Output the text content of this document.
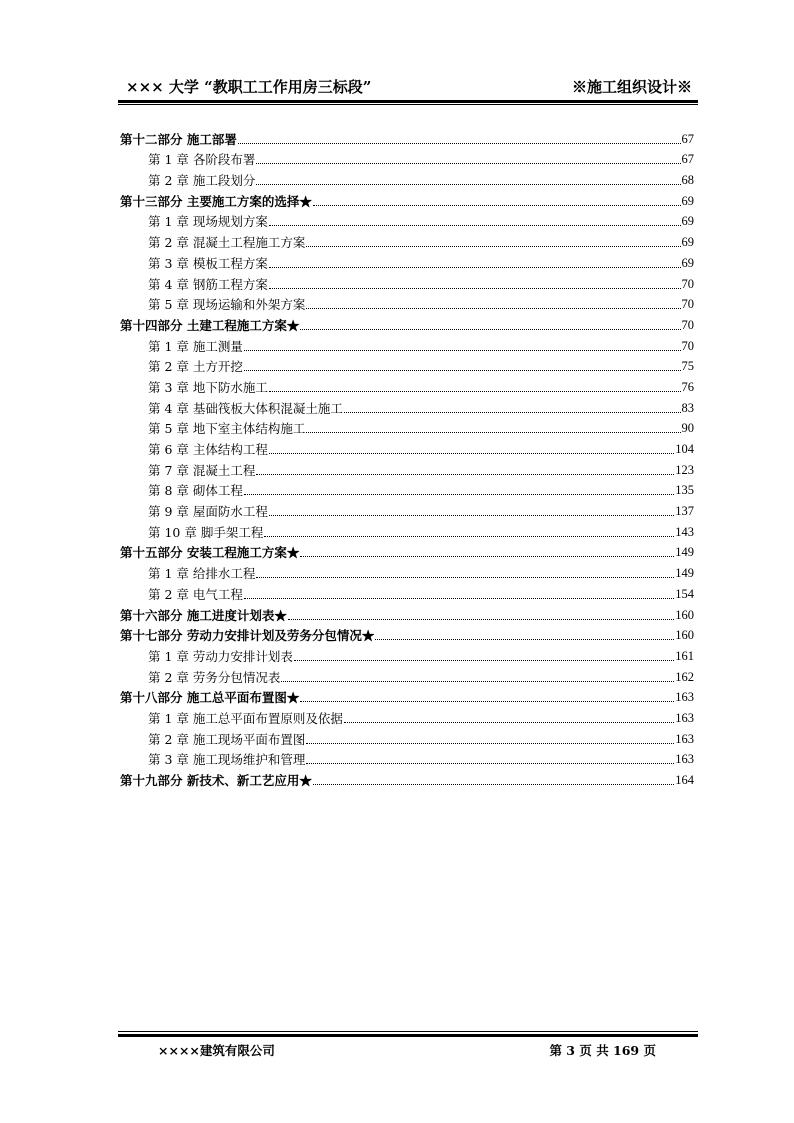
××× 大学 “教职工工作用房三标段”	※施工组织设计※
第十二部分 施工部署	67
第 1 章 各阶段布署	67
第 2 章 施工段划分	68
第十三部分 主要施工方案的选择★	69
第 1 章 现场规划方案	69
第 2 章 混凝土工程施工方案	69
第 3 章 模板工程方案	69
第 4 章 钢筋工程方案	70
第 5 章 现场运输和外架方案	70
第十四部分 土建工程施工方案★	70
第 1 章 施工测量	70
第 2 章 土方开挖	75
第 3 章 地下防水施工	76
第 4 章 基础筏板大体积混凝土施工	83
第 5 章 地下室主体结构施工	90
第 6 章 主体结构工程	104
第 7 章 混凝土工程	123
第 8 章 砌体工程	135
第 9 章 屋面防水工程	137
第 10 章 脚手架工程	143
第十五部分 安装工程施工方案★	149
第 1 章 给排水工程	149
第 2 章 电气工程	154
第十六部分 施工进度计划表★	160
第十七部分 劳动力安排计划及劳务分包情况★	160
第 1 章 劳动力安排计划表	161
第 2 章 劳务分包情况表	162
第十八部分 施工总平面布置图★	163
第 1 章 施工总平面布置原则及依据	163
第 2 章 施工现场平面布置图	163
第 3 章 施工现场维护和管理	163
第十九部分 新技术、新工艺应用★	164
××××建筑有限公司	第 3 页 共 169 页
